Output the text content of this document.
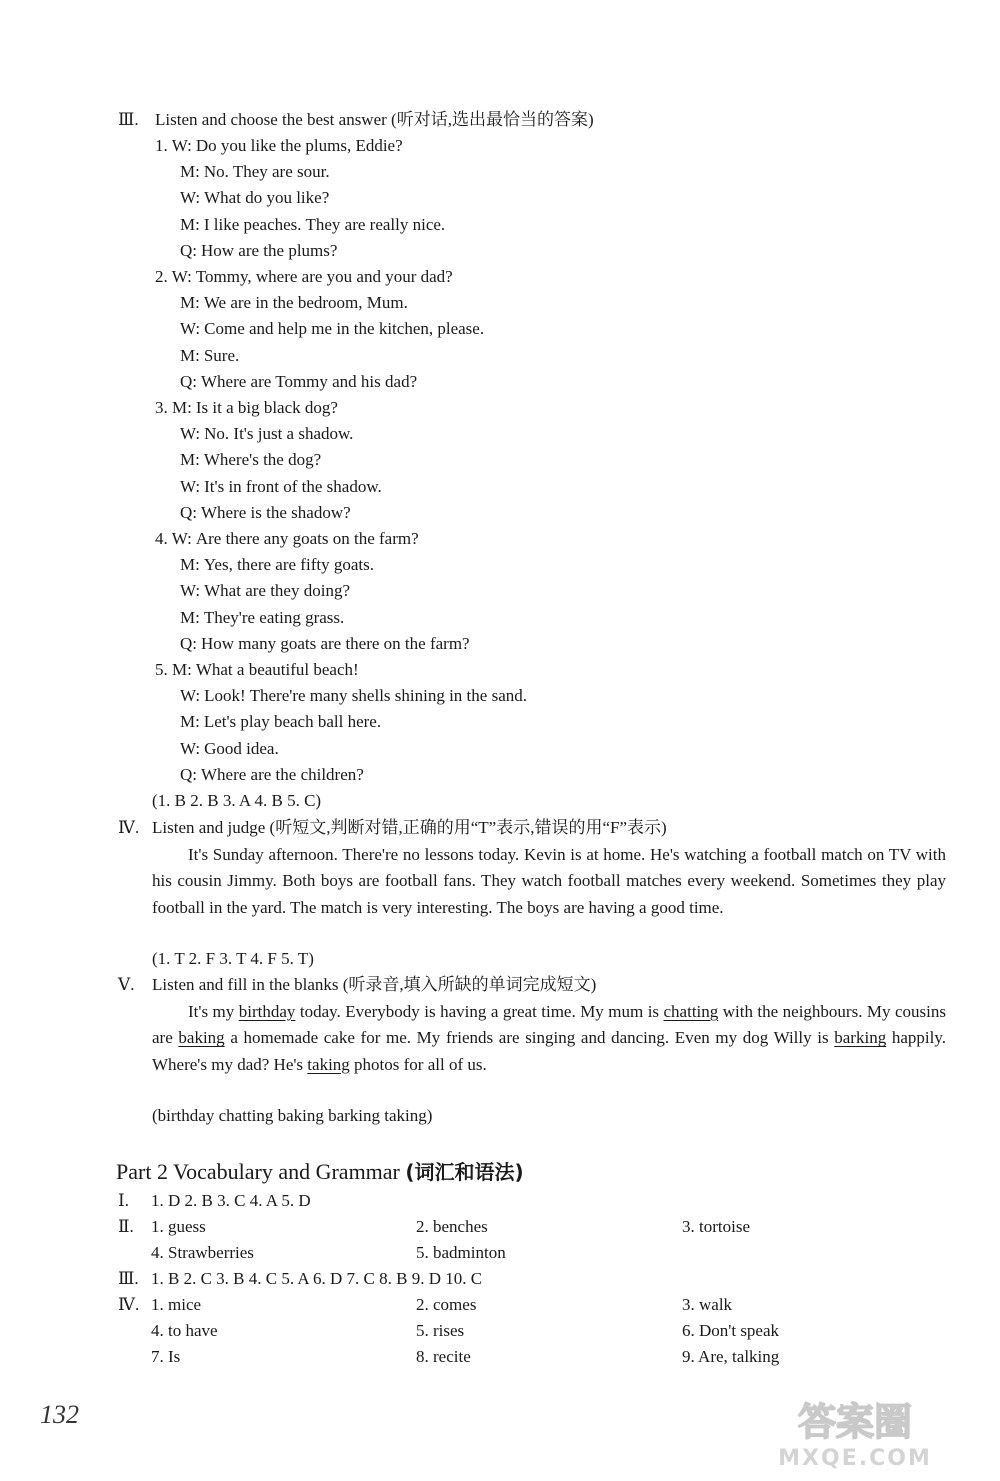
Ⅲ. Listen and choose the best answer (听对话,选出最恰当的答案)
1. W: Do you like the plums, Eddie?
M: No. They are sour.
W: What do you like?
M: I like peaches. They are really nice.
Q: How are the plums?
2. W: Tommy, where are you and your dad?
M: We are in the bedroom, Mum.
W: Come and help me in the kitchen, please.
M: Sure.
Q: Where are Tommy and his dad?
3. M: Is it a big black dog?
W: No. It's just a shadow.
M: Where's the dog?
W: It's in front of the shadow.
Q: Where is the shadow?
4. W: Are there any goats on the farm?
M: Yes, there are fifty goats.
W: What are they doing?
M: They're eating grass.
Q: How many goats are there on the farm?
5. M: What a beautiful beach!
W: Look! There're many shells shining in the sand.
M: Let's play beach ball here.
W: Good idea.
Q: Where are the children?
(1. B 2. B 3. A 4. B 5. C)
Ⅳ. Listen and judge (听短文,判断对错,正确的用“T”表示,错误的用“F”表示)
It's Sunday afternoon. There're no lessons today. Kevin is at home. He's watching a football match on TV with his cousin Jimmy. Both boys are football fans. They watch football matches every weekend. Sometimes they play football in the yard. The match is very interesting. The boys are having a good time.
(1. T 2. F 3. T 4. F 5. T)
Ⅴ. Listen and fill in the blanks (听录音,填入所缺的单词完成短文)
It's my birthday today. Everybody is having a great time. My mum is chatting with the neighbours. My cousins are baking a homemade cake for me. My friends are singing and dancing. Even my dog Willy is barking happily. Where's my dad? He's taking photos for all of us.
(birthday chatting baking barking taking)
Part 2 Vocabulary and Grammar (词汇和语法)
Ⅰ. 1. D 2. B 3. C 4. A 5. D
Ⅱ. 1. guess	2. benches	3. tortoise
4. Strawberries	5. badminton
Ⅲ. 1. B 2. C 3. B 4. C 5. A 6. D 7. C 8. B 9. D 10. C
Ⅳ. 1. mice	2. comes	3. walk
4. to have	5. rises	6. Don't speak
7. Is	8. recite	9. Are, talking
132	答案圈
MXQE.COM
